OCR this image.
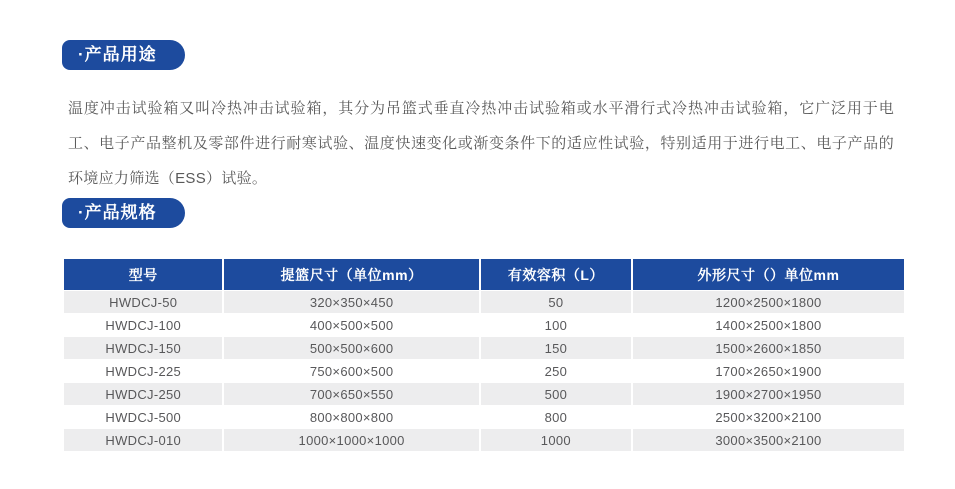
·产品用途

温度冲击试验箱又叫冷热冲击试验箱，其分为吊篮式垂直冷热冲击试验箱或水平滑行式冷热冲击试验箱，它广泛用于电工、电子产品整机及零部件进行耐寒试验、温度快速变化或渐变条件下的适应性试验，特别适用于进行电工、电子产品的环境应力筛选（ESS）试验。

·产品规格
型号	提篮尺寸（单位mm）	有效容积（L）	外形尺寸（）单位mm
HWDCJ-50	320×350×450	50	1200×2500×1800
HWDCJ-100	400×500×500	100	1400×2500×1800
HWDCJ-150	500×500×600	150	1500×2600×1850
HWDCJ-225	750×600×500	250	1700×2650×1900
HWDCJ-250	700×650×550	500	1900×2700×1950
HWDCJ-500	800×800×800	800	2500×3200×2100
HWDCJ-010	1000×1000×1000	1000	3000×3500×2100
